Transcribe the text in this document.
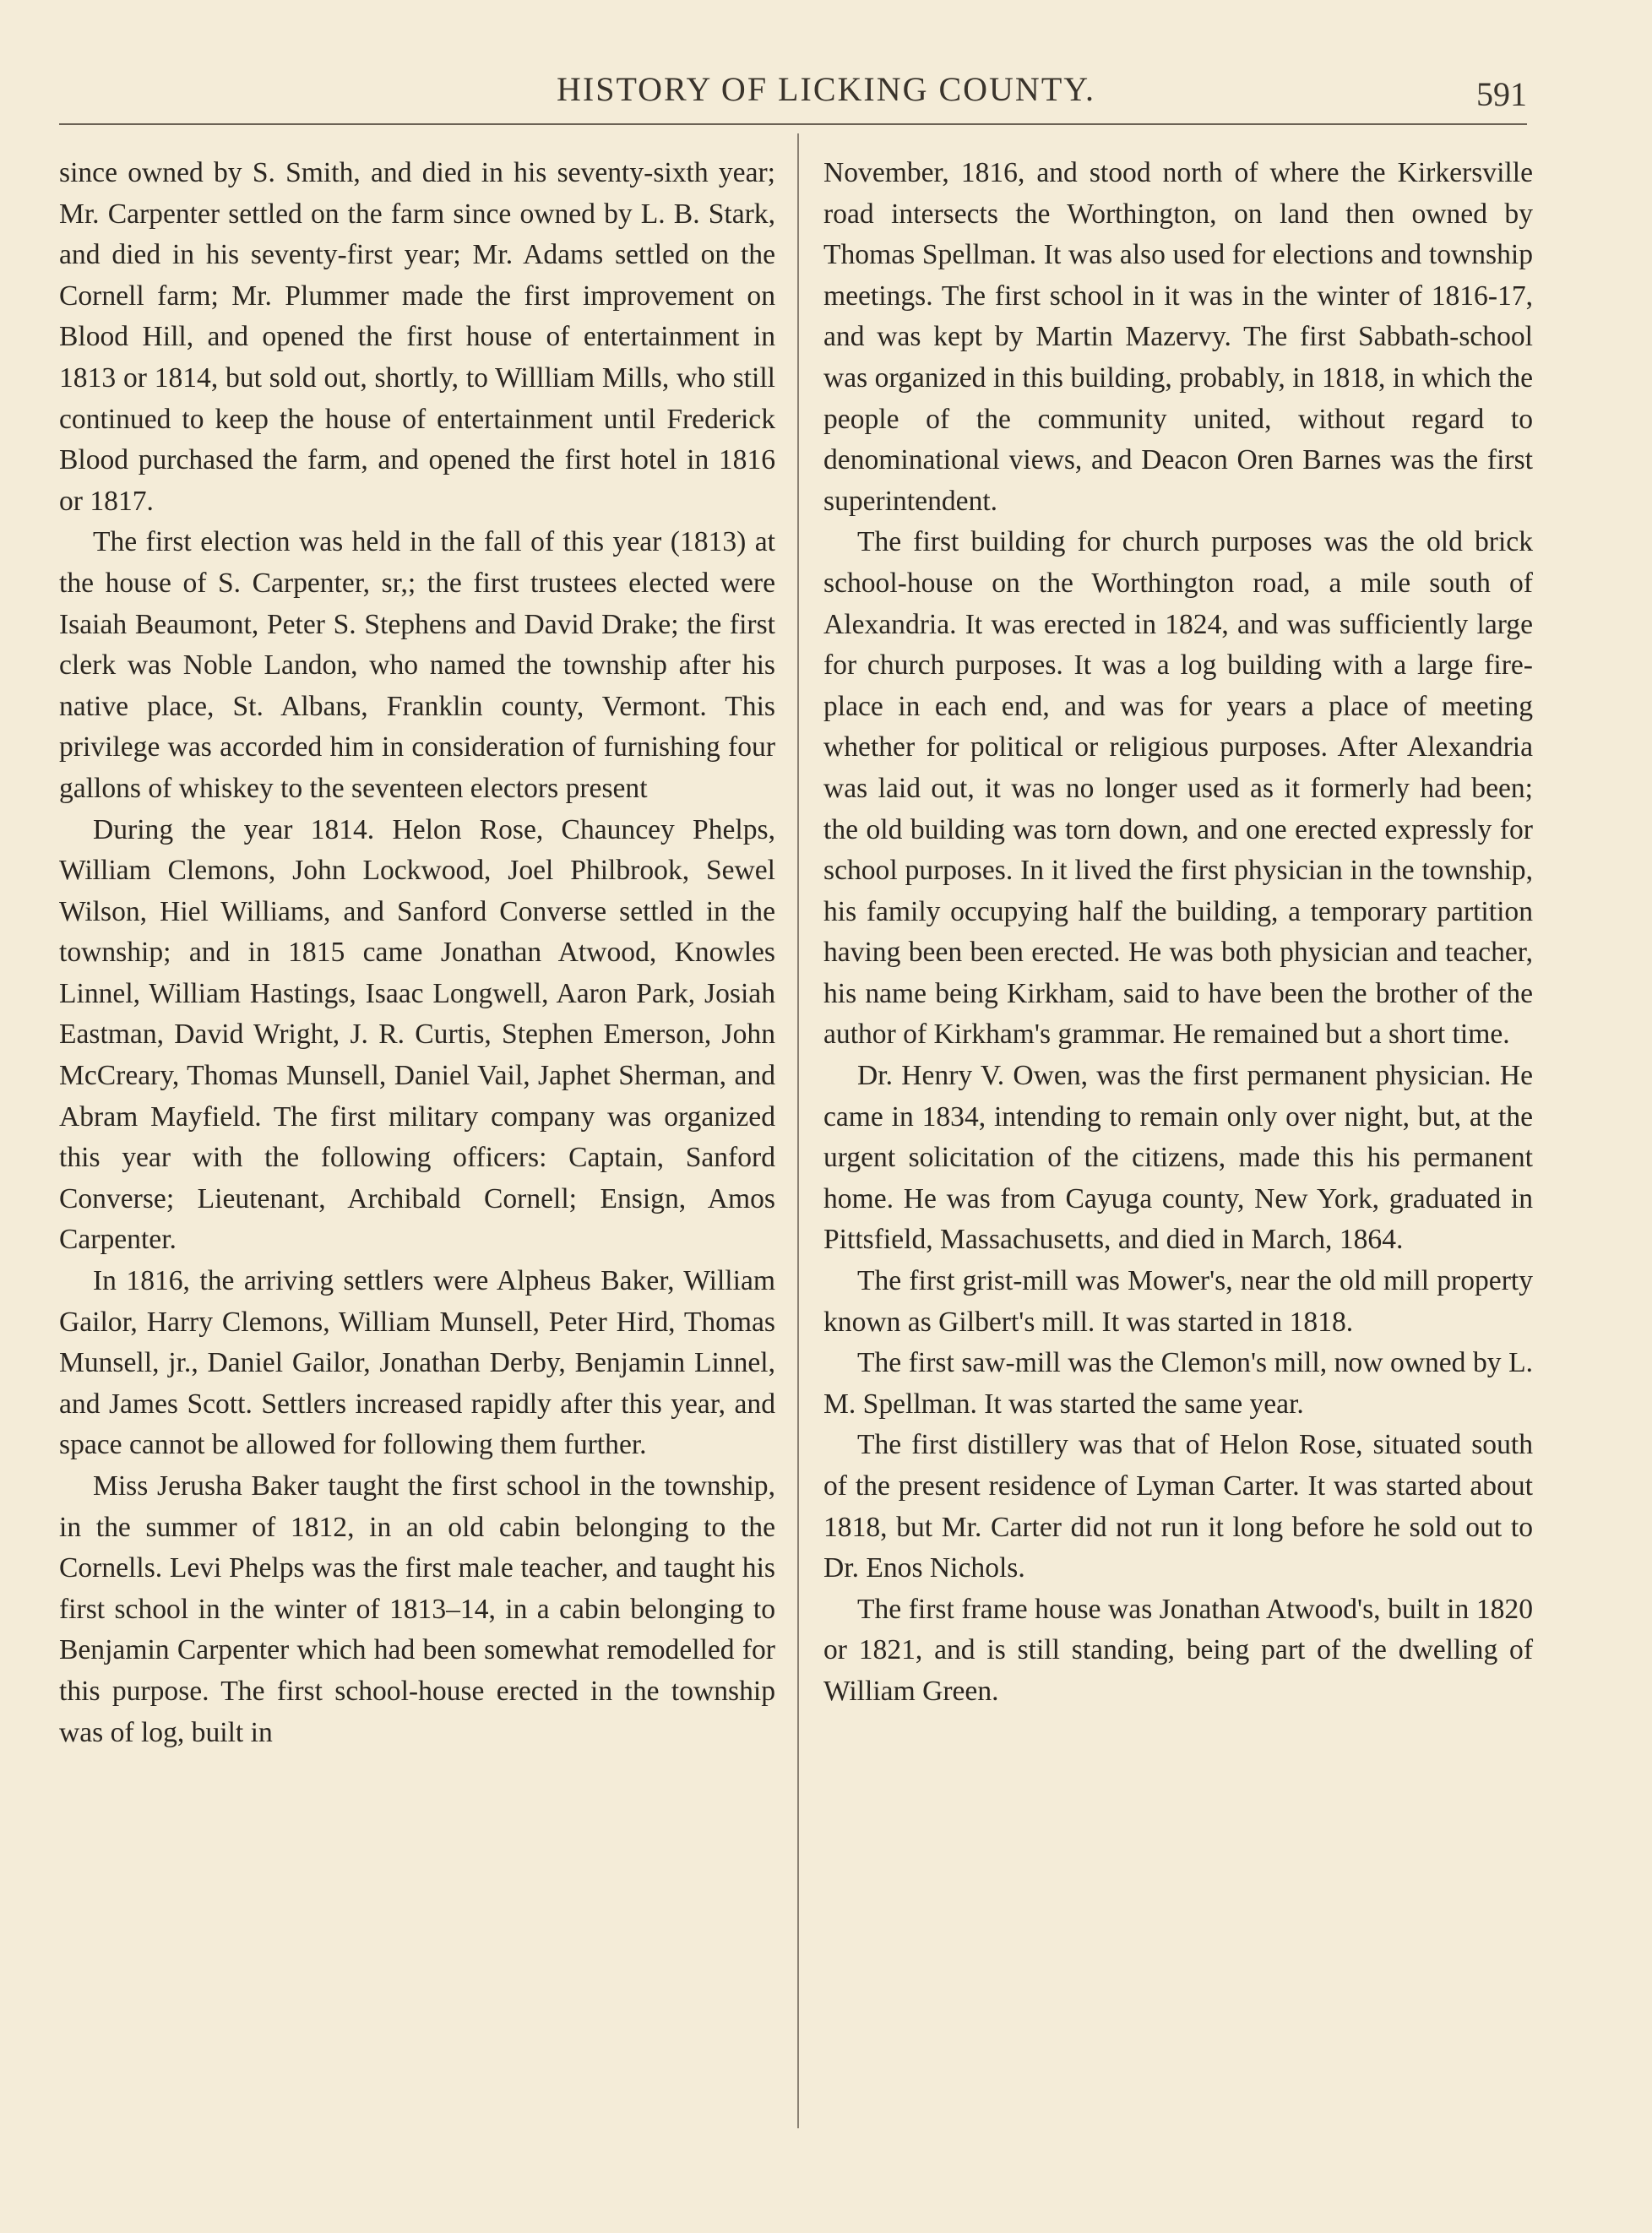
HISTORY OF LICKING COUNTY.	591

since owned by S. Smith, and died in his seventy-sixth year; Mr. Carpenter settled on the farm since owned by L. B. Stark, and died in his seventy-first year; Mr. Adams settled on the Cornell farm; Mr. Plummer made the first improvement on Blood Hill, and opened the first house of entertainment in 1813 or 1814, but sold out, shortly, to Willliam Mills, who still continued to keep the house of entertainment until Frederick Blood purchased the farm, and opened the first hotel in 1816 or 1817.

The first election was held in the fall of this year (1813) at the house of S. Carpenter, sr,; the first trustees elected were Isaiah Beaumont, Peter S. Stephens and David Drake; the first clerk was Noble Landon, who named the township after his native place, St. Albans, Franklin county, Vermont. This privilege was accorded him in consideration of furnishing four gallons of whiskey to the seventeen electors present

During the year 1814. Helon Rose, Chauncey Phelps, William Clemons, John Lockwood, Joel Philbrook, Sewel Wilson, Hiel Williams, and Sanford Converse settled in the township; and in 1815 came Jonathan Atwood, Knowles Linnel, William Hastings, Isaac Longwell, Aaron Park, Josiah Eastman, David Wright, J. R. Curtis, Stephen Emerson, John McCreary, Thomas Munsell, Daniel Vail, Japhet Sherman, and Abram Mayfield. The first military company was organized this year with the following officers: Captain, Sanford Converse; Lieutenant, Archibald Cornell; Ensign, Amos Carpenter.

In 1816, the arriving settlers were Alpheus Baker, William Gailor, Harry Clemons, William Munsell, Peter Hird, Thomas Munsell, jr., Daniel Gailor, Jonathan Derby, Benjamin Linnel, and James Scott. Settlers increased rapidly after this year, and space cannot be allowed for following them further.

Miss Jerusha Baker taught the first school in the township, in the summer of 1812, in an old cabin belonging to the Cornells. Levi Phelps was the first male teacher, and taught his first school in the winter of 1813–14, in a cabin belonging to Benjamin Carpenter which had been somewhat remodelled for this purpose. The first school-house erected in the township was of log, built in

November, 1816, and stood north of where the Kirkersville road intersects the Worthington, on land then owned by Thomas Spellman. It was also used for elections and township meetings. The first school in it was in the winter of 1816-17, and was kept by Martin Mazervy. The first Sabbath-school was organized in this building, probably, in 1818, in which the people of the community united, without regard to denominational views, and Deacon Oren Barnes was the first superintendent.

The first building for church purposes was the old brick school-house on the Worthington road, a mile south of Alexandria. It was erected in 1824, and was sufficiently large for church purposes. It was a log building with a large fire-place in each end, and was for years a place of meeting whether for political or religious purposes. After Alexandria was laid out, it was no longer used as it formerly had been; the old building was torn down, and one erected expressly for school purposes. In it lived the first physician in the township, his family occupying half the building, a temporary partition having been been erected. He was both physician and teacher, his name being Kirkham, said to have been the brother of the author of Kirkham's grammar. He remained but a short time.

Dr. Henry V. Owen, was the first permanent physician. He came in 1834, intending to remain only over night, but, at the urgent solicitation of the citizens, made this his permanent home. He was from Cayuga county, New York, graduated in Pittsfield, Massachusetts, and died in March, 1864.

The first grist-mill was Mower's, near the old mill property known as Gilbert's mill. It was started in 1818.

The first saw-mill was the Clemon's mill, now owned by L. M. Spellman. It was started the same year.

The first distillery was that of Helon Rose, situated south of the present residence of Lyman Carter. It was started about 1818, but Mr. Carter did not run it long before he sold out to Dr. Enos Nichols.

The first frame house was Jonathan Atwood's, built in 1820 or 1821, and is still standing, being part of the dwelling of William Green.
